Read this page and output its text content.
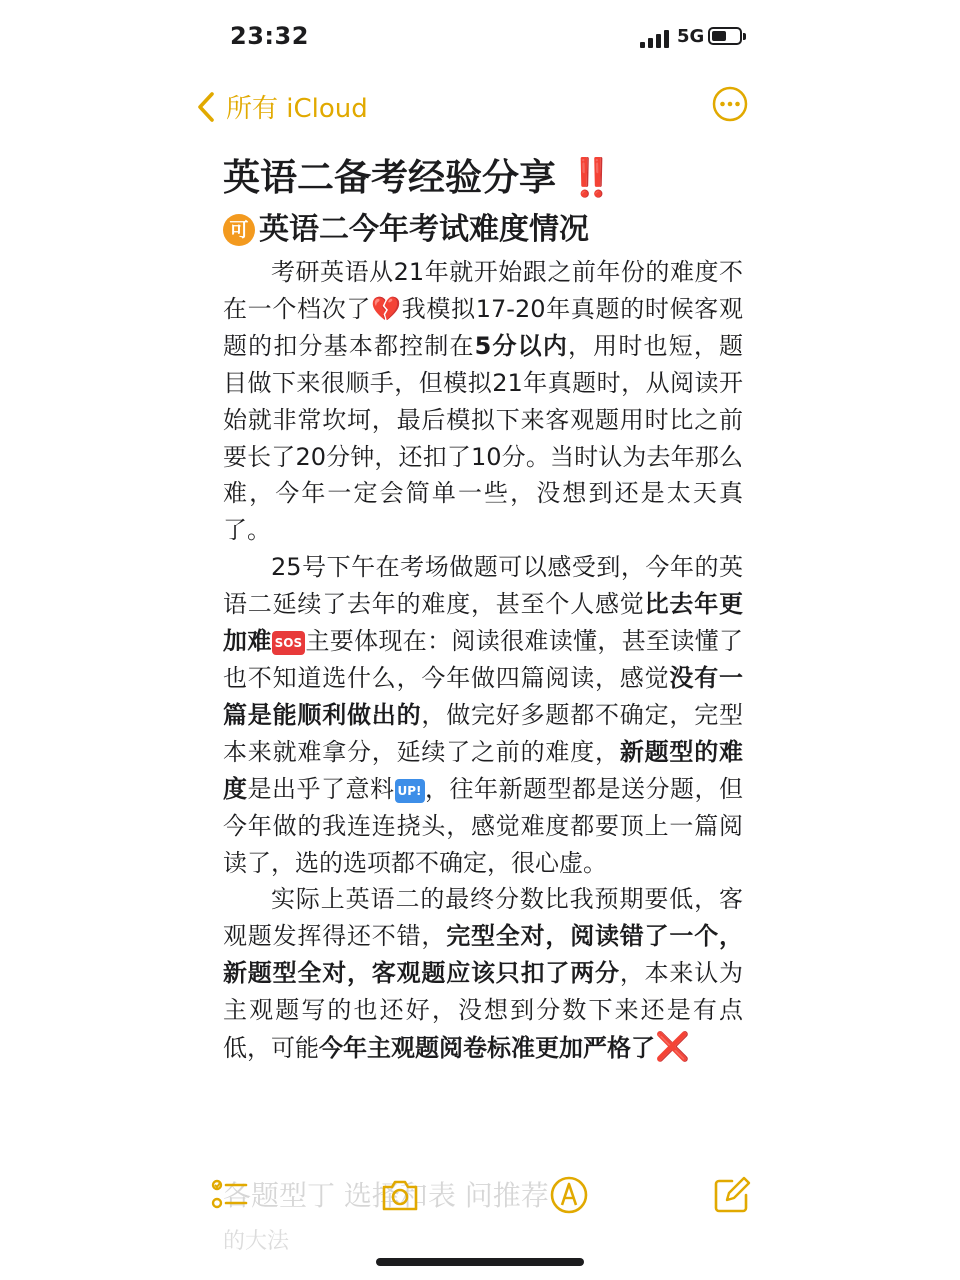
23:32	5G
所有 iCloud
英语二备考经验分享 ‼️
可 英语二今年考试难度情况

考研英语从21年就开始跟之前年份的难度不在一个档次了💔我模拟17-20年真题的时候客观题的扣分基本都控制在5分以内，用时也短，题目做下来很顺手，但模拟21年真题时，从阅读开始就非常坎坷，最后模拟下来客观题用时比之前要长了20分钟，还扣了10分。当时认为去年那么难，今年一定会简单一些，没想到还是太天真了。

25号下午在考场做题可以感受到，今年的英语二延续了去年的难度，甚至个人感觉比去年更加难 SOS 主要体现在：阅读很难读懂，甚至读懂了也不知道选什么，今年做四篇阅读，感觉没有一篇是能顺利做出的，做完好多题都不确定，完型本来就难拿分，延续了之前的难度，新题型的难度是出乎了意料 UP! ，往年新题型都是送分题，但今年做的我连连挠头，感觉难度都要顶上一篇阅读了，选的选项都不确定，很心虚。

实际上英语二的最终分数比我预期要低，客观题发挥得还不错，完型全对，阅读错了一个，新题型全对，客观题应该只扣了两分，本来认为主观题写的也还好，没想到分数下来还是有点低，可能今年主观题阅卷标准更加严格了❌

各题型丁 选择和表 问推荐
的大法
